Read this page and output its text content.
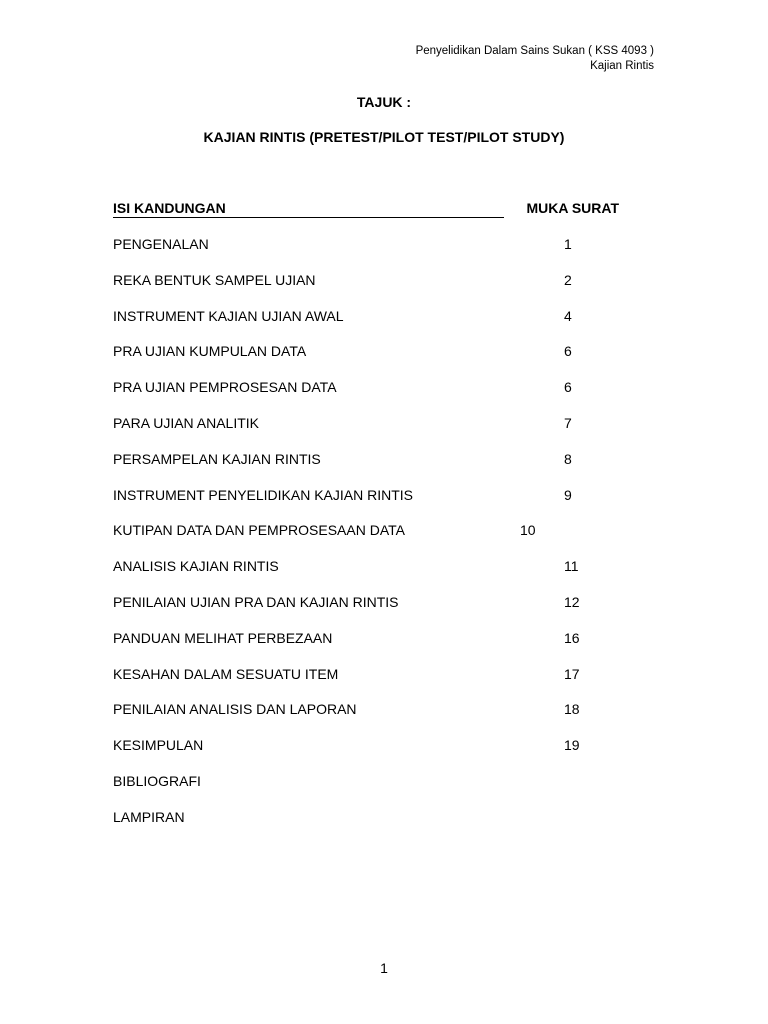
Penyelidikan Dalam Sains Sukan ( KSS 4093 )
Kajian Rintis
TAJUK :
KAJIAN RINTIS (PRETEST/PILOT TEST/PILOT STUDY)
ISI KANDUNGAN	MUKA SURAT
PENGENALAN	1
REKA BENTUK SAMPEL UJIAN	2
INSTRUMENT KAJIAN UJIAN AWAL	4
PRA UJIAN KUMPULAN DATA	6
PRA UJIAN PEMPROSESAN DATA	6
PARA UJIAN ANALITIK	7
PERSAMPELAN KAJIAN RINTIS	8
INSTRUMENT PENYELIDIKAN KAJIAN RINTIS	9
KUTIPAN DATA DAN PEMPROSESAAN DATA	10
ANALISIS KAJIAN RINTIS	11
PENILAIAN UJIAN PRA DAN KAJIAN RINTIS	12
PANDUAN MELIHAT PERBEZAAN	16
KESAHAN DALAM SESUATU ITEM	17
PENILAIAN ANALISIS DAN LAPORAN	18
KESIMPULAN	19
BIBLIOGRAFI
LAMPIRAN
1
